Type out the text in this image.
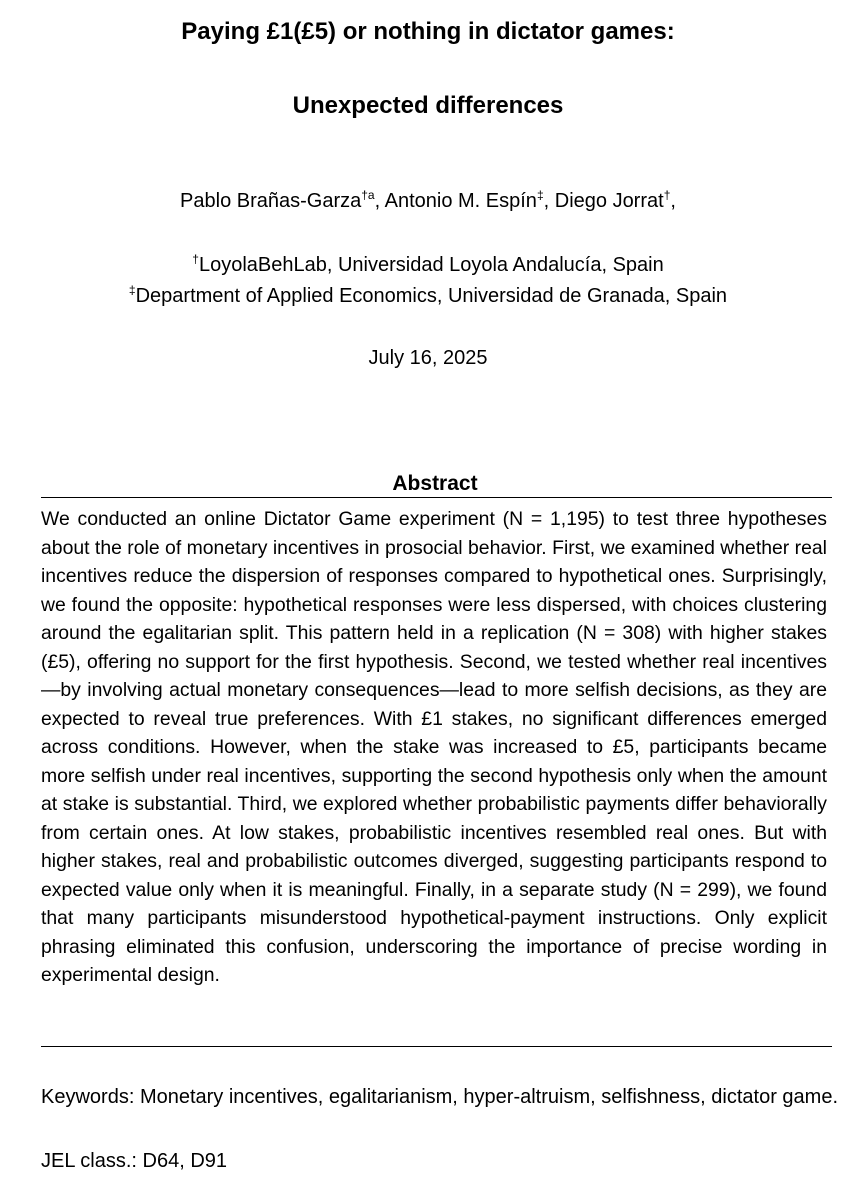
Paying £1(£5) or nothing in dictator games:
Unexpected differences

Pablo Brañas-Garza$^{\dagger a}$, Antonio M. Espín‡, Diego Jorrat†,

†LoyolaBehLab, Universidad Loyola Andalucía, Spain

‡Department of Applied Economics, Universidad de Granada, Spain

July 16, 2025

Abstract

We conducted an online Dictator Game experiment (N = 1,195) to test three hypotheses about the role of monetary incentives in prosocial behavior. First, we examined whether real incentives reduce the dispersion of responses compared to hypothetical ones. Surprisingly, we found the opposite: hypothetical responses were less dispersed, with choices clustering around the egalitarian split. This pattern held in a replication (N = 308) with higher stakes (£5), offering no support for the first hypothesis. Second, we tested whether real incentives—by involving actual monetary consequences—lead to more selfish decisions, as they are expected to reveal true preferences. With £1 stakes, no significant differences emerged across conditions. However, when the stake was increased to £5, participants became more selfish under real incentives, supporting the second hypothesis only when the amount at stake is substantial. Third, we explored whether probabilistic payments differ behaviorally from certain ones. At low stakes, probabilistic incentives resembled real ones. But with higher stakes, real and probabilistic outcomes diverged, suggesting participants respond to expected value only when it is meaningful. Finally, in a separate study (N = 299), we found that many participants misunderstood hypothetical-payment instructions. Only explicit phrasing eliminated this confusion, underscoring the importance of precise wording in experimental design.

Keywords: Monetary incentives, egalitarianism, hyper-altruism, selfishness, dictator game.

JEL class.: D64, D91
